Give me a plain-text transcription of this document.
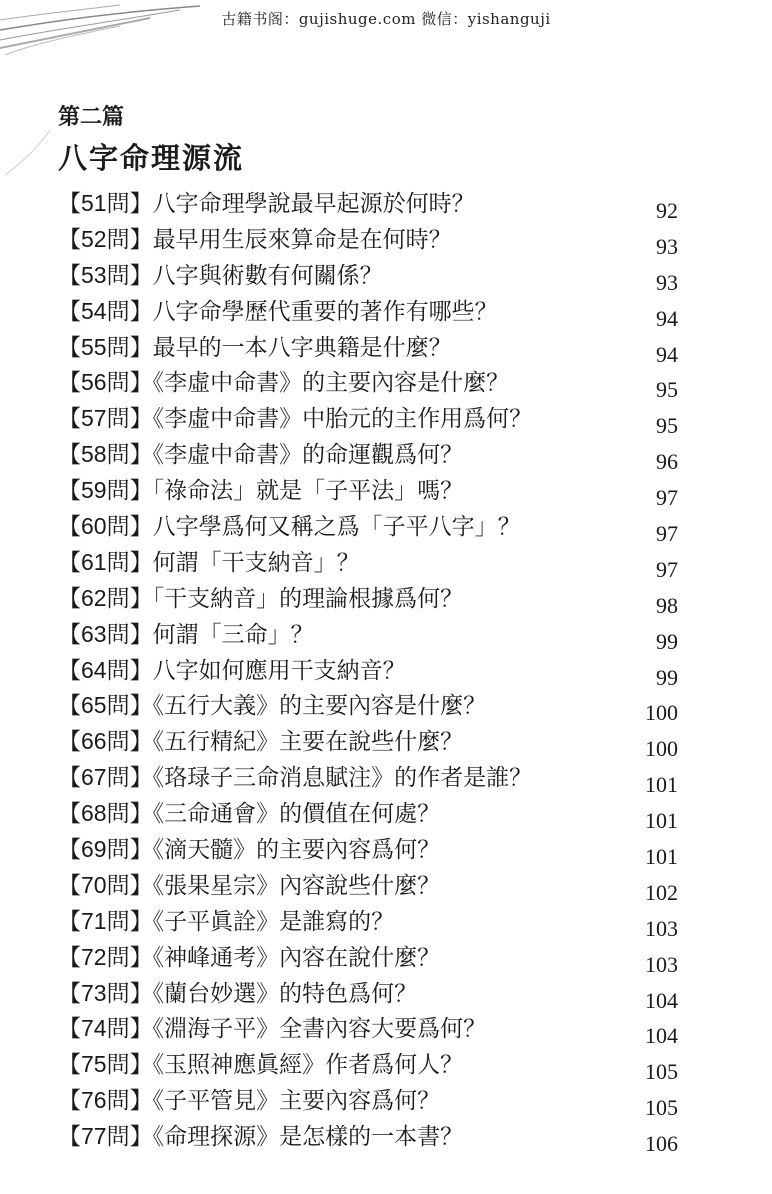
古籍书阁：gujishuge.com 微信：yishanguji
第二篇
八字命理源流
【51問】八字命理學說最早起源於何時？	92
【52問】最早用生辰來算命是在何時？	93
【53問】八字與術數有何關係？	93
【54問】八字命學歷代重要的著作有哪些？	94
【55問】最早的一本八字典籍是什麼？	94
【56問】《李虛中命書》的主要內容是什麼？	95
【57問】《李虛中命書》中胎元的主作用爲何？	95
【58問】《李虛中命書》的命運觀爲何？	96
【59問】「祿命法」就是「子平法」嗎？	97
【60問】八字學爲何又稱之爲「子平八字」？	97
【61問】何謂「干支納音」？	97
【62問】「干支納音」的理論根據爲何？	98
【63問】何謂「三命」？	99
【64問】八字如何應用干支納音？	99
【65問】《五行大義》的主要內容是什麼？	100
【66問】《五行精紀》主要在說些什麼？	100
【67問】《珞琭子三命消息賦注》的作者是誰？	101
【68問】《三命通會》的價值在何處？	101
【69問】《滴天髓》的主要內容爲何？	101
【70問】《張果星宗》內容說些什麼？	102
【71問】《子平眞詮》是誰寫的？	103
【72問】《神峰通考》內容在說什麼？	103
【73問】《蘭台妙選》的特色爲何？	104
【74問】《淵海子平》全書內容大要爲何？	104
【75問】《玉照神應眞經》作者爲何人？	105
【76問】《子平管見》主要內容爲何？	105
【77問】《命理探源》是怎樣的一本書？	106
